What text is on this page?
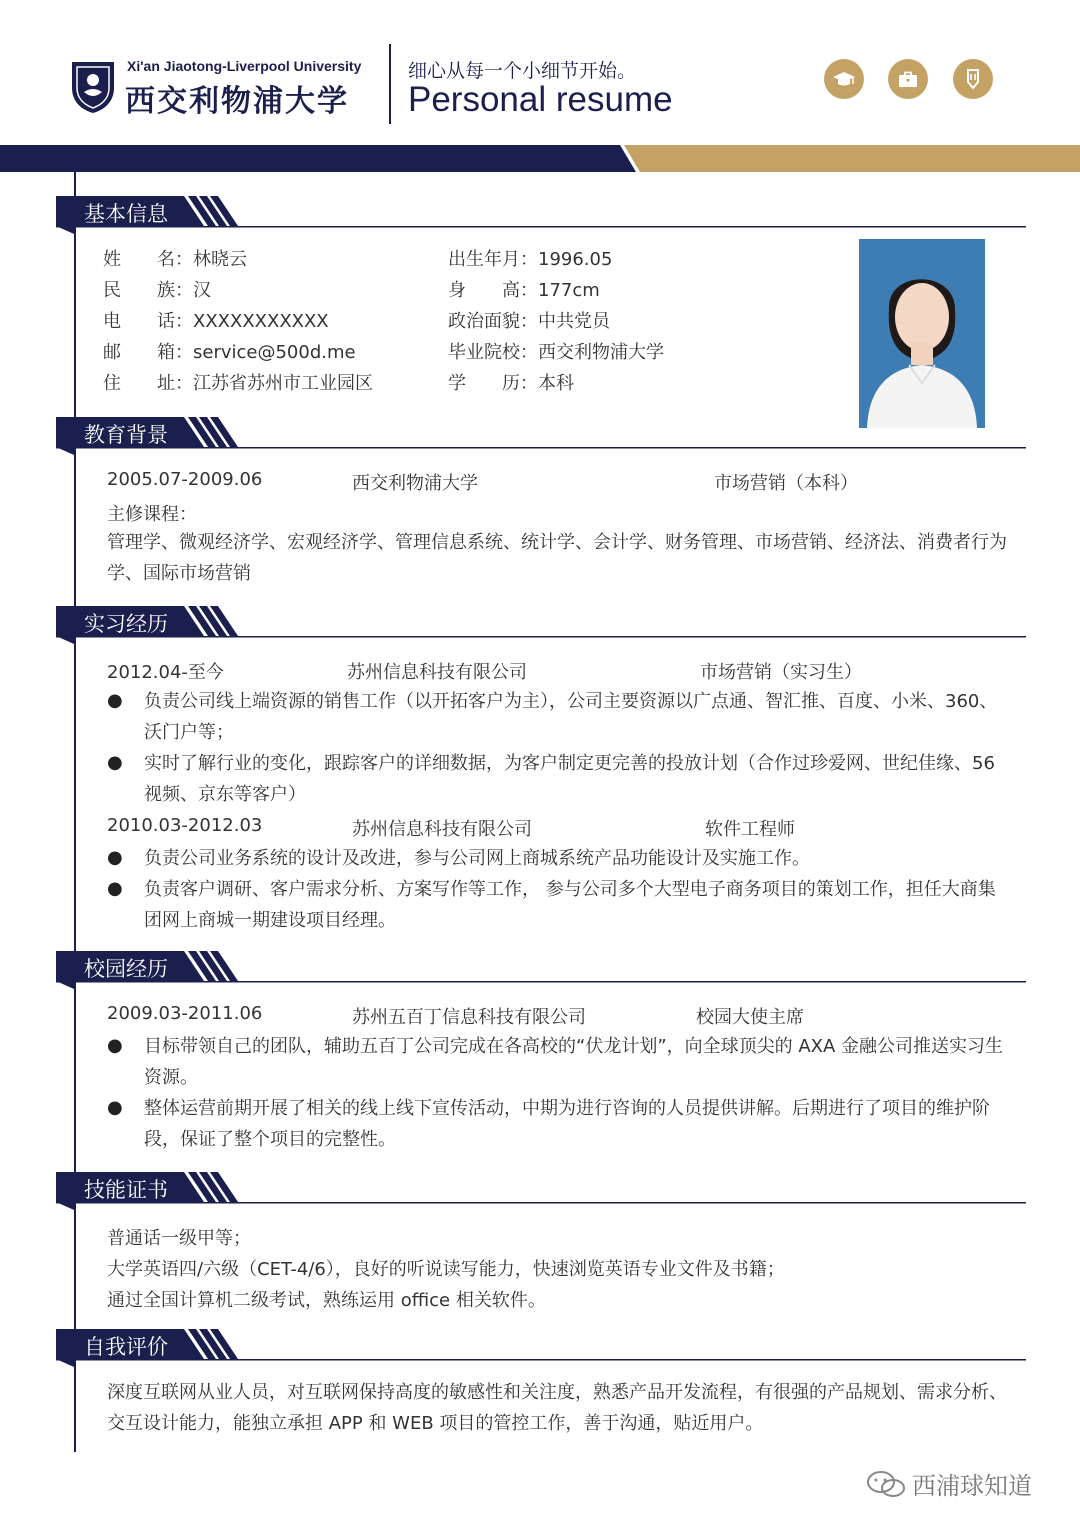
Xi'an Jiaotong-Liverpool University
西交利物浦大学
细心从每一个小细节开始。
Personal resume
基本信息
姓　　名：林晓云
民　　族：汉
电　　话：XXXXXXXXXXX
邮　　箱：service@500d.me
住　　址：江苏省苏州市工业园区
出生年月：1996.05
身　　高：177cm
政治面貌：中共党员
毕业院校：西交利物浦大学
学　　历：本科
教育背景
2005.07-2009.06	西交利物浦大学	市场营销（本科）
主修课程：
管理学、微观经济学、宏观经济学、管理信息系统、统计学、会计学、财务管理、市场营销、经济法、消费者行为学、国际市场营销
实习经历
2012.04-至今	苏州信息科技有限公司	市场营销（实习生）
● 负责公司线上端资源的销售工作（以开拓客户为主），公司主要资源以广点通、智汇推、百度、小米、360、沃门户等；
● 实时了解行业的变化，跟踪客户的详细数据，为客户制定更完善的投放计划（合作过珍爱网、世纪佳缘、56视频、京东等客户）
2010.03-2012.03	苏州信息科技有限公司	软件工程师
● 负责公司业务系统的设计及改进，参与公司网上商城系统产品功能设计及实施工作。
● 负责客户调研、客户需求分析、方案写作等工作， 参与公司多个大型电子商务项目的策划工作，担任大商集团网上商城一期建设项目经理。
校园经历
2009.03-2011.06	苏州五百丁信息科技有限公司	校园大使主席
● 目标带领自己的团队，辅助五百丁公司完成在各高校的“伏龙计划”，向全球顶尖的 AXA 金融公司推送实习生资源。
● 整体运营前期开展了相关的线上线下宣传活动，中期为进行咨询的人员提供讲解。后期进行了项目的维护阶段，保证了整个项目的完整性。
技能证书
普通话一级甲等；
大学英语四/六级（CET-4/6），良好的听说读写能力，快速浏览英语专业文件及书籍；
通过全国计算机二级考试，熟练运用 office 相关软件。
自我评价
深度互联网从业人员，对互联网保持高度的敏感性和关注度，熟悉产品开发流程，有很强的产品规划、需求分析、交互设计能力，能独立承担 APP 和 WEB 项目的管控工作，善于沟通，贴近用户。
西浦球知道
